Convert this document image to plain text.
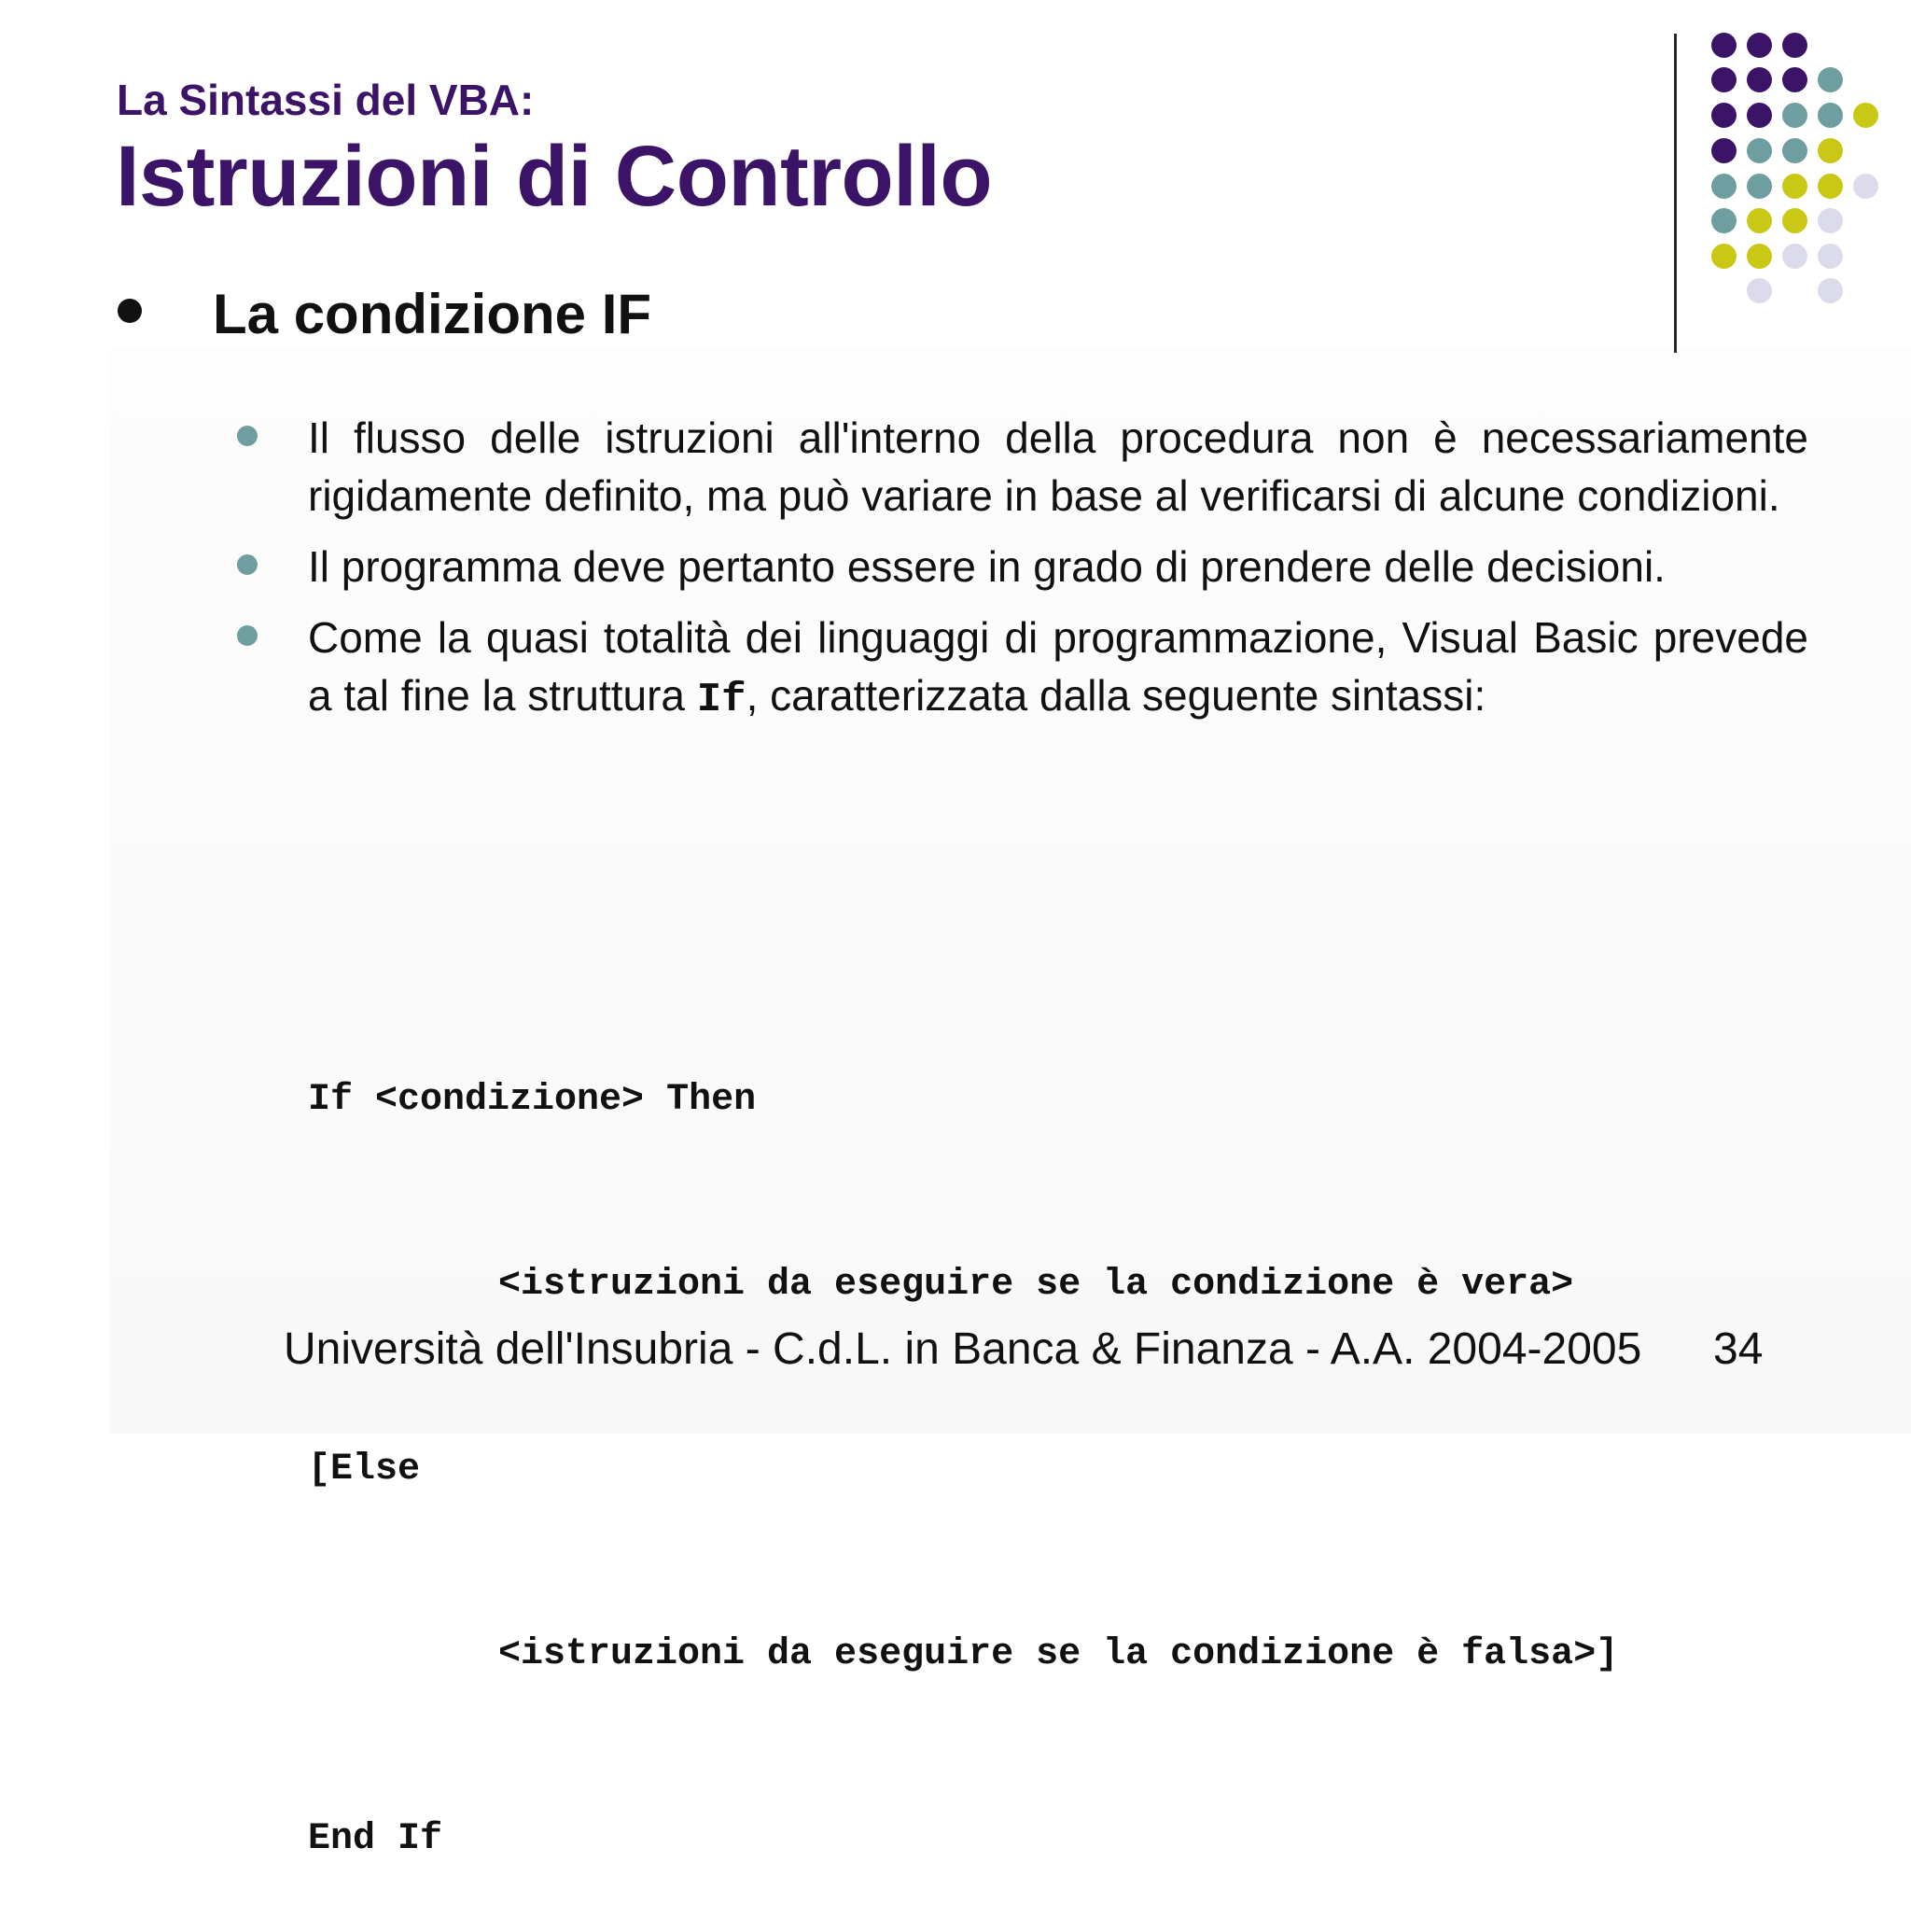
La Sintassi del VBA:
Istruzioni di Controllo
La condizione IF
Il flusso delle istruzioni all'interno della procedura non è necessariamente rigidamente definito, ma può variare in base al verificarsi di alcune condizioni.
Il programma deve pertanto essere in grado di prendere delle decisioni.
Come la quasi totalità dei linguaggi di programmazione, Visual Basic prevede a tal fine la struttura If, caratterizzata dalla seguente sintassi:

If <condizione> Then

<istruzioni da eseguire se la condizione è vera>

[Else

<istruzioni da eseguire se la condizione è falsa>]

End If

Università dell'Insubria - C.d.L. in Banca & Finanza - A.A. 2004-2005 34
